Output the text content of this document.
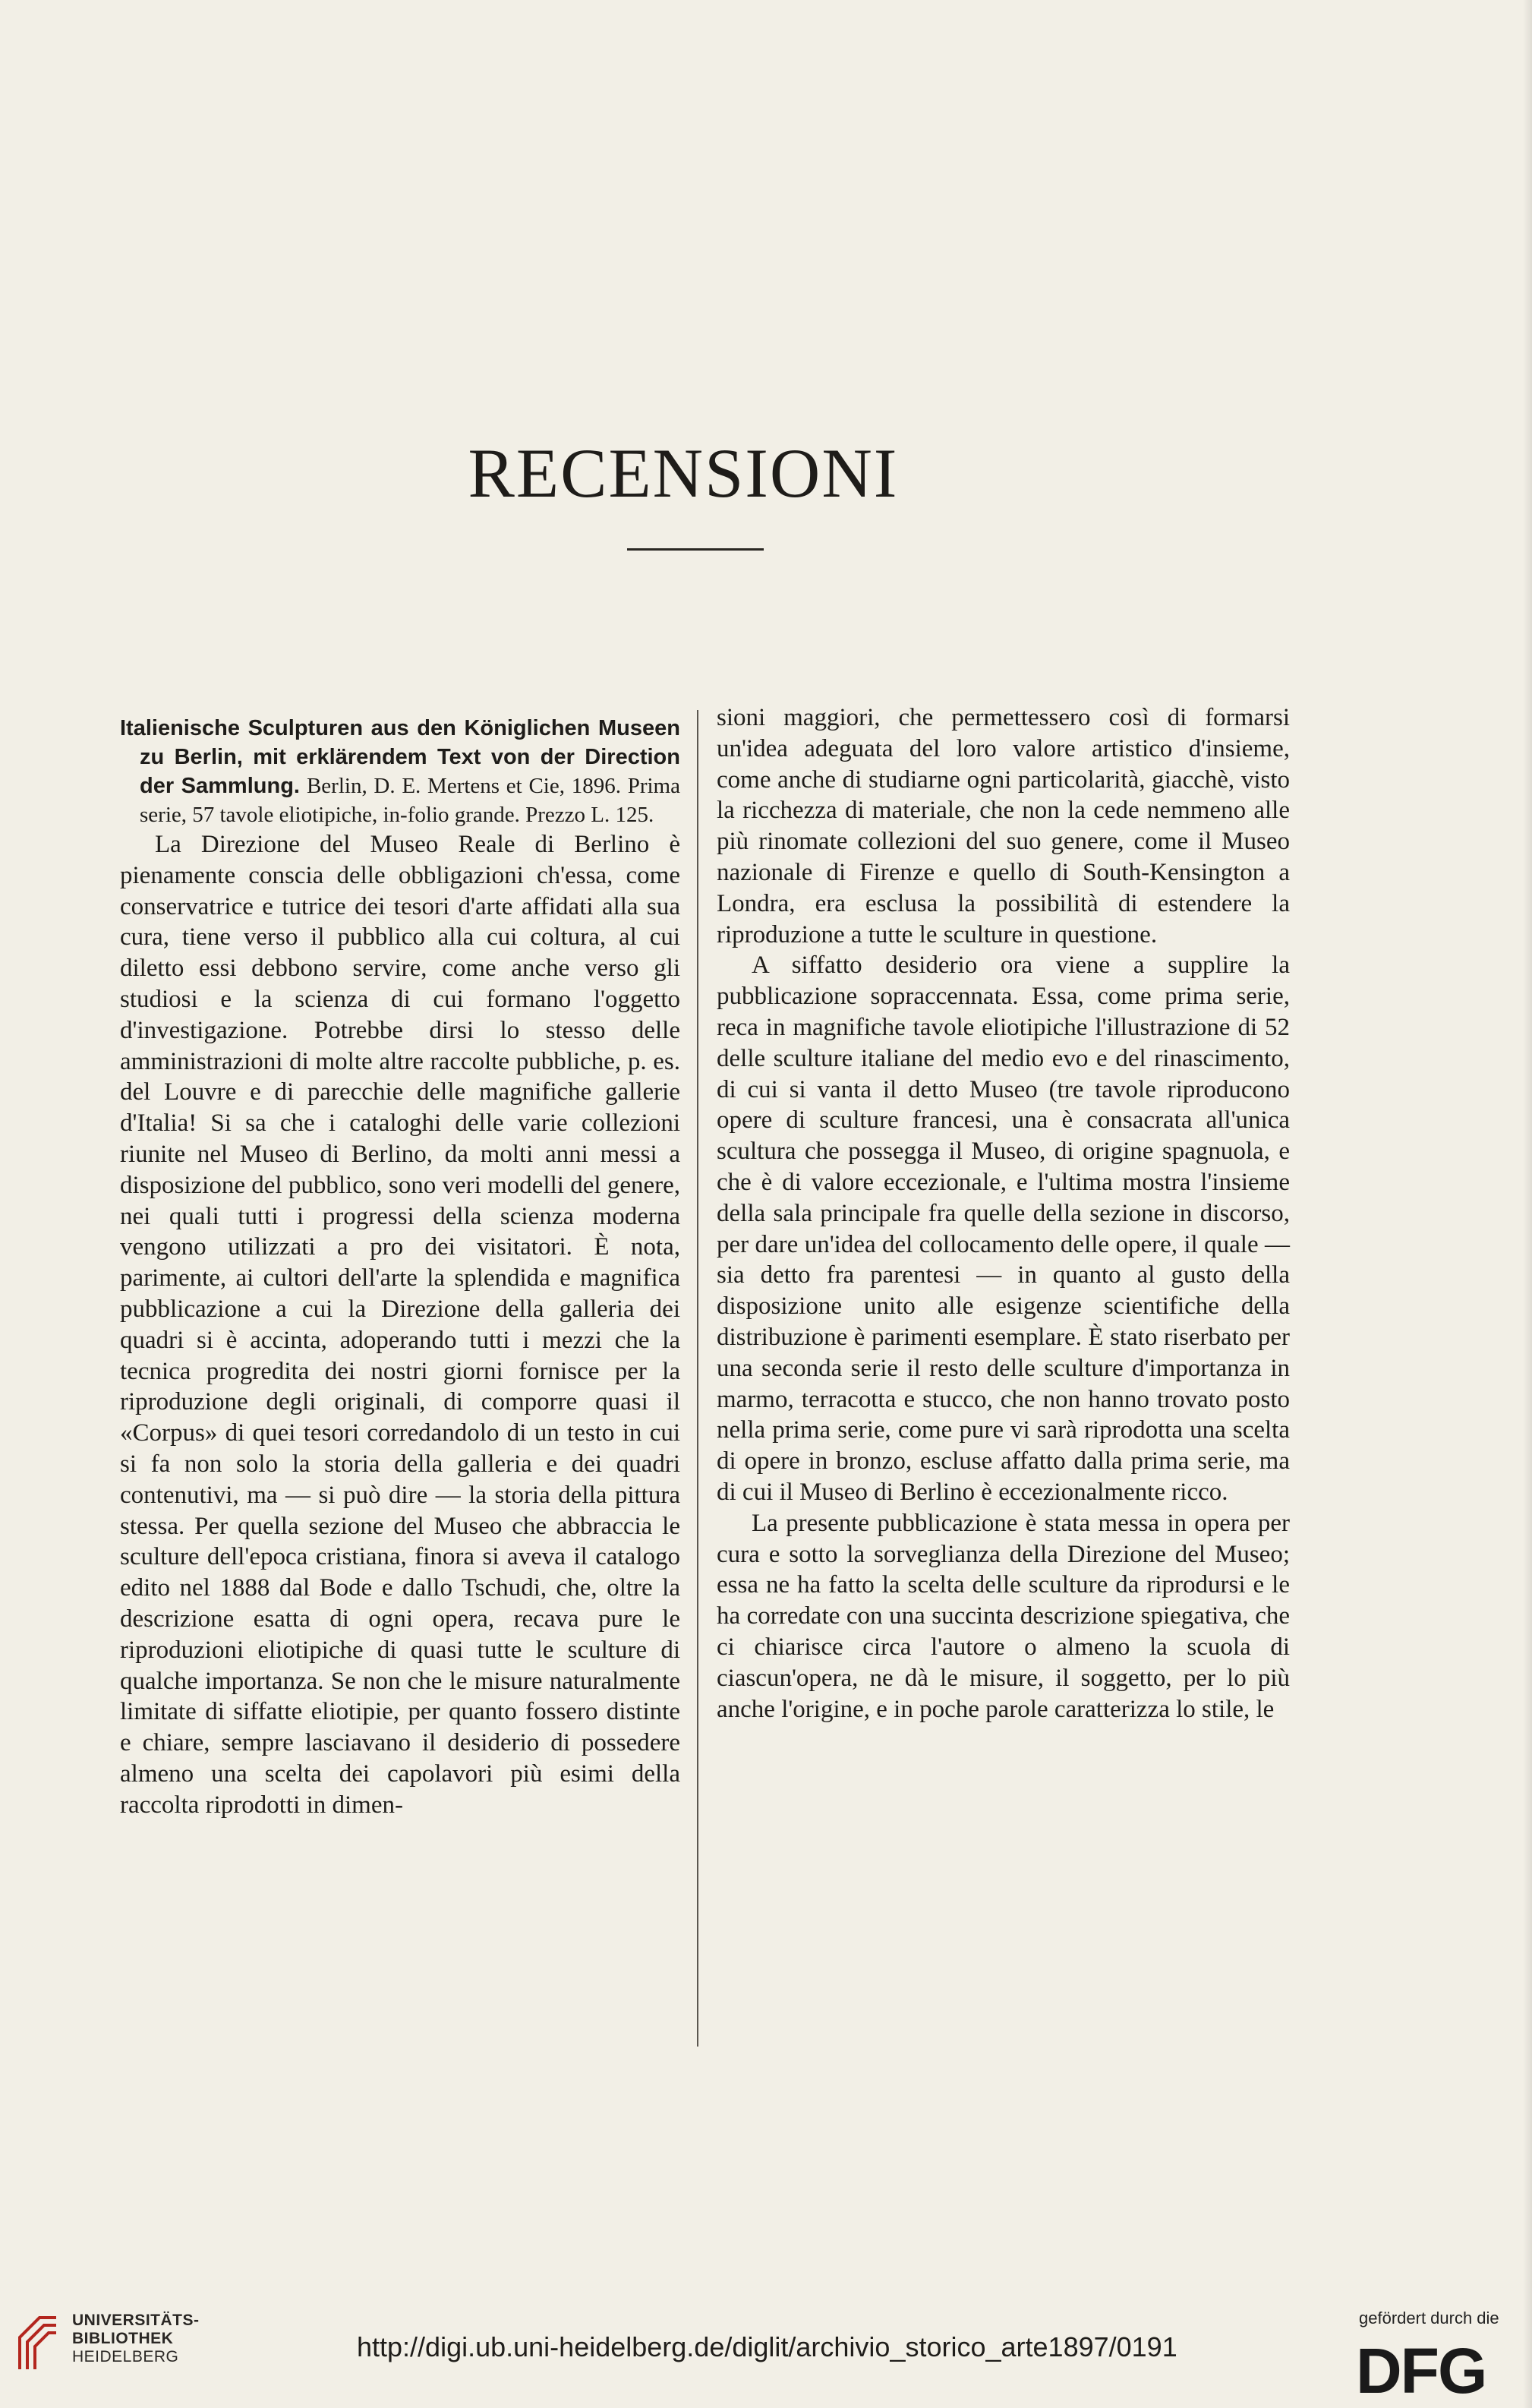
RECENSIONI

Italienische Sculpturen aus den Königlichen Museen zu Berlin, mit erklärendem Text von der Direction der Sammlung. Berlin, D. E. Mertens et Cie, 1896. Prima serie, 57 tavole eliotipiche, in-folio grande. Prezzo L. 125.

La Direzione del Museo Reale di Berlino è pienamente conscia delle obbligazioni ch'essa, come conservatrice e tutrice dei tesori d'arte affidati alla sua cura, tiene verso il pubblico alla cui coltura, al cui diletto essi debbono servire, come anche verso gli studiosi e la scienza di cui formano l'oggetto d'investigazione. Potrebbe dirsi lo stesso delle amministrazioni di molte altre raccolte pubbliche, p. es. del Louvre e di parecchie delle magnifiche gallerie d'Italia! Si sa che i cataloghi delle varie collezioni riunite nel Museo di Berlino, da molti anni messi a disposizione del pubblico, sono veri modelli del genere, nei quali tutti i progressi della scienza moderna vengono utilizzati a pro dei visitatori. È nota, parimente, ai cultori dell'arte la splendida e magnifica pubblicazione a cui la Direzione della galleria dei quadri si è accinta, adoperando tutti i mezzi che la tecnica progredita dei nostri giorni fornisce per la riproduzione degli originali, di comporre quasi il «Corpus» di quei tesori corredandolo di un testo in cui si fa non solo la storia della galleria e dei quadri contenutivi, ma — si può dire — la storia della pittura stessa. Per quella sezione del Museo che abbraccia le sculture dell'epoca cristiana, finora si aveva il catalogo edito nel 1888 dal Bode e dallo Tschudi, che, oltre la descrizione esatta di ogni opera, recava pure le riproduzioni eliotipiche di quasi tutte le sculture di qualche importanza. Se non che le misure naturalmente limitate di siffatte eliotipie, per quanto fossero distinte e chiare, sempre lasciavano il desiderio di possedere almeno una scelta dei capolavori più esimi della raccolta riprodotti in dimen-

sioni maggiori, che permettessero così di formarsi un'idea adeguata del loro valore artistico d'insieme, come anche di studiarne ogni particolarità, giacchè, visto la ricchezza di materiale, che non la cede nemmeno alle più rinomate collezioni del suo genere, come il Museo nazionale di Firenze e quello di South-Kensington a Londra, era esclusa la possibilità di estendere la riproduzione a tutte le sculture in questione.

A siffatto desiderio ora viene a supplire la pubblicazione sopraccennata. Essa, come prima serie, reca in magnifiche tavole eliotipiche l'illustrazione di 52 delle sculture italiane del medio evo e del rinascimento, di cui si vanta il detto Museo (tre tavole riproducono opere di sculture francesi, una è consacrata all'unica scultura che possegga il Museo, di origine spagnuola, e che è di valore eccezionale, e l'ultima mostra l'insieme della sala principale fra quelle della sezione in discorso, per dare un'idea del collocamento delle opere, il quale — sia detto fra parentesi — in quanto al gusto della disposizione unito alle esigenze scientifiche della distribuzione è parimenti esemplare. È stato riserbato per una seconda serie il resto delle sculture d'importanza in marmo, terracotta e stucco, che non hanno trovato posto nella prima serie, come pure vi sarà riprodotta una scelta di opere in bronzo, escluse affatto dalla prima serie, ma di cui il Museo di Berlino è eccezionalmente ricco.

La presente pubblicazione è stata messa in opera per cura e sotto la sorveglianza della Direzione del Museo; essa ne ha fatto la scelta delle sculture da riprodursi e le ha corredate con una succinta descrizione spiegativa, che ci chiarisce circa l'autore o almeno la scuola di ciascun'opera, ne dà le misure, il soggetto, per lo più anche l'origine, e in poche parole caratterizza lo stile, le

UNIVERSITÄTS-
BIBLIOTHEK
HEIDELBERG	http://digi.ub.uni-heidelberg.de/diglit/archivio_storico_arte1897/0191
gefördert durch die
DFG
